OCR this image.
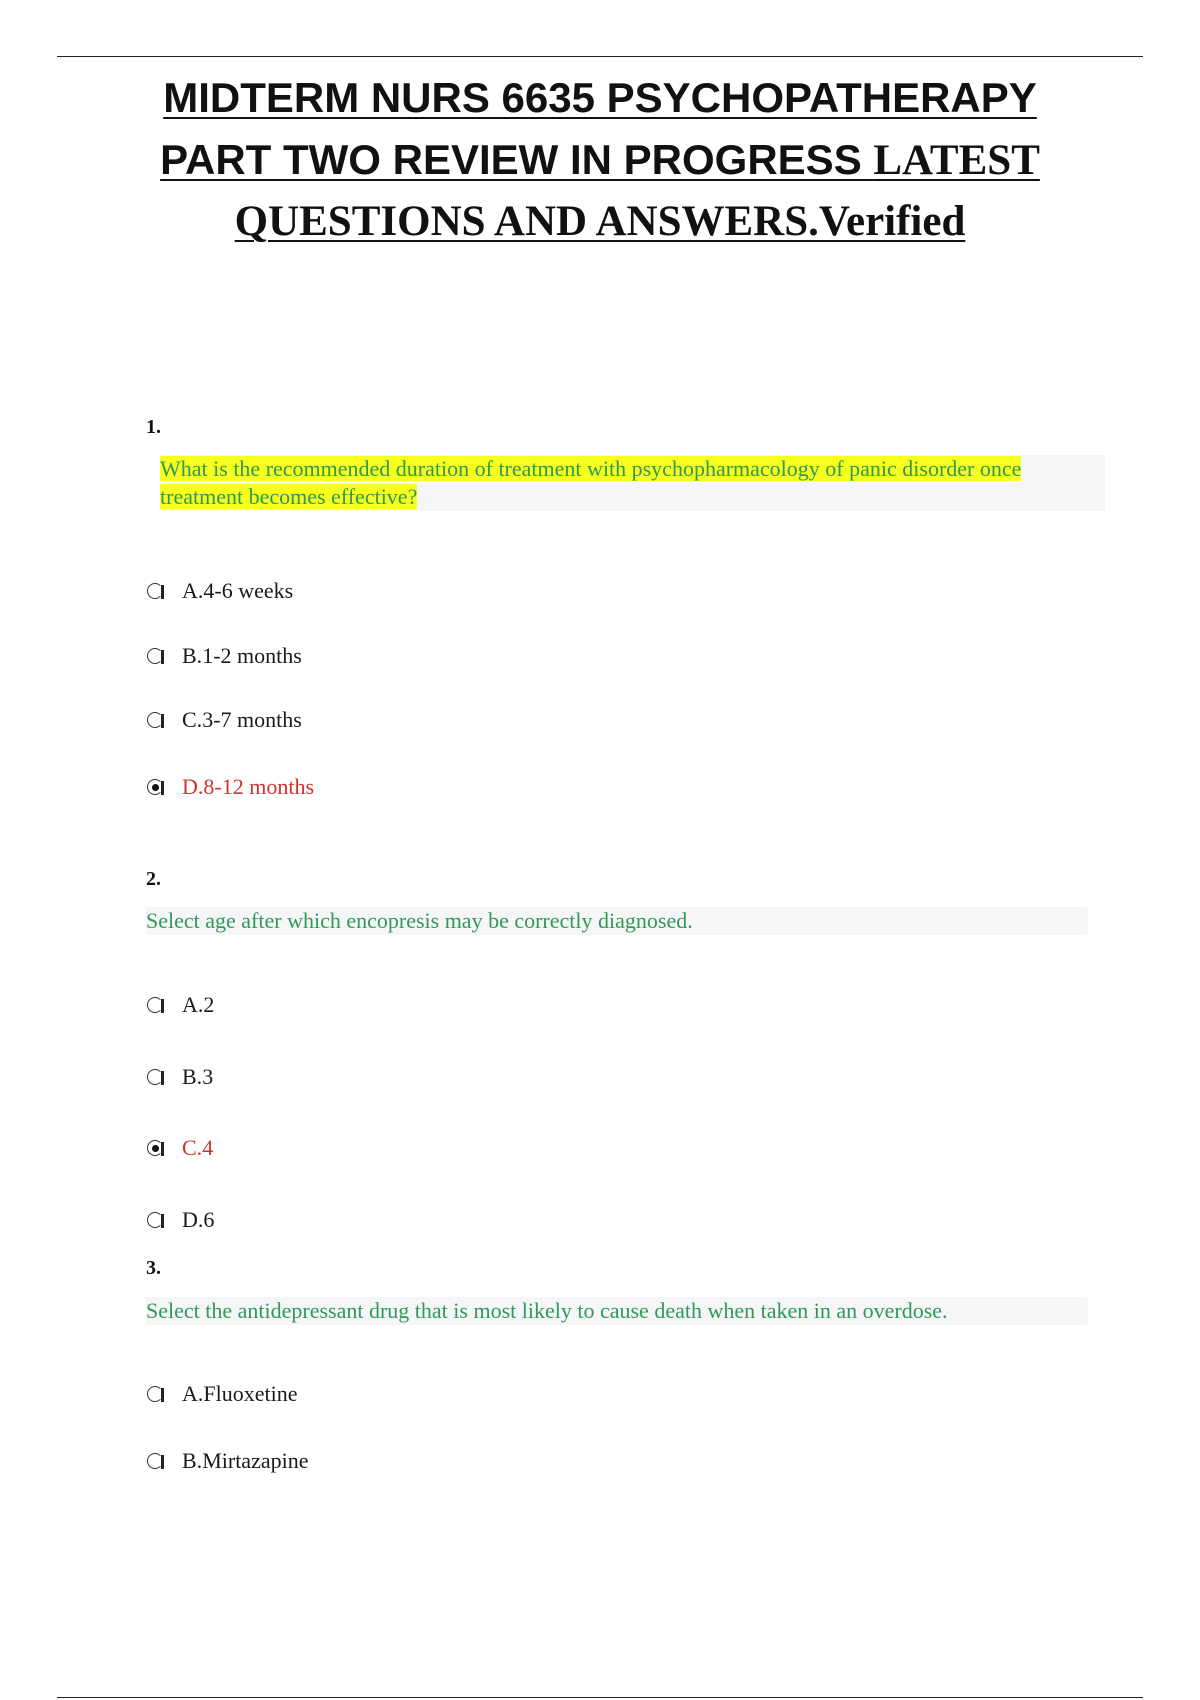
MIDTERM NURS 6635 PSYCHOPATHERAPY
PART TWO REVIEW IN PROGRESS LATEST
QUESTIONS AND ANSWERS.Verified
1.
What is the recommended duration of treatment with psychopharmacology of panic disorder once treatment becomes effective?
A. 4-6 weeks
B. 1-2 months
C. 3-7 months
D. 8-12 months
2.
Select age after which encopresis may be correctly diagnosed.
A. 2
B. 3
C. 4
D. 6
3.
Select the antidepressant drug that is most likely to cause death when taken in an overdose.
A. Fluoxetine
B. Mirtazapine
